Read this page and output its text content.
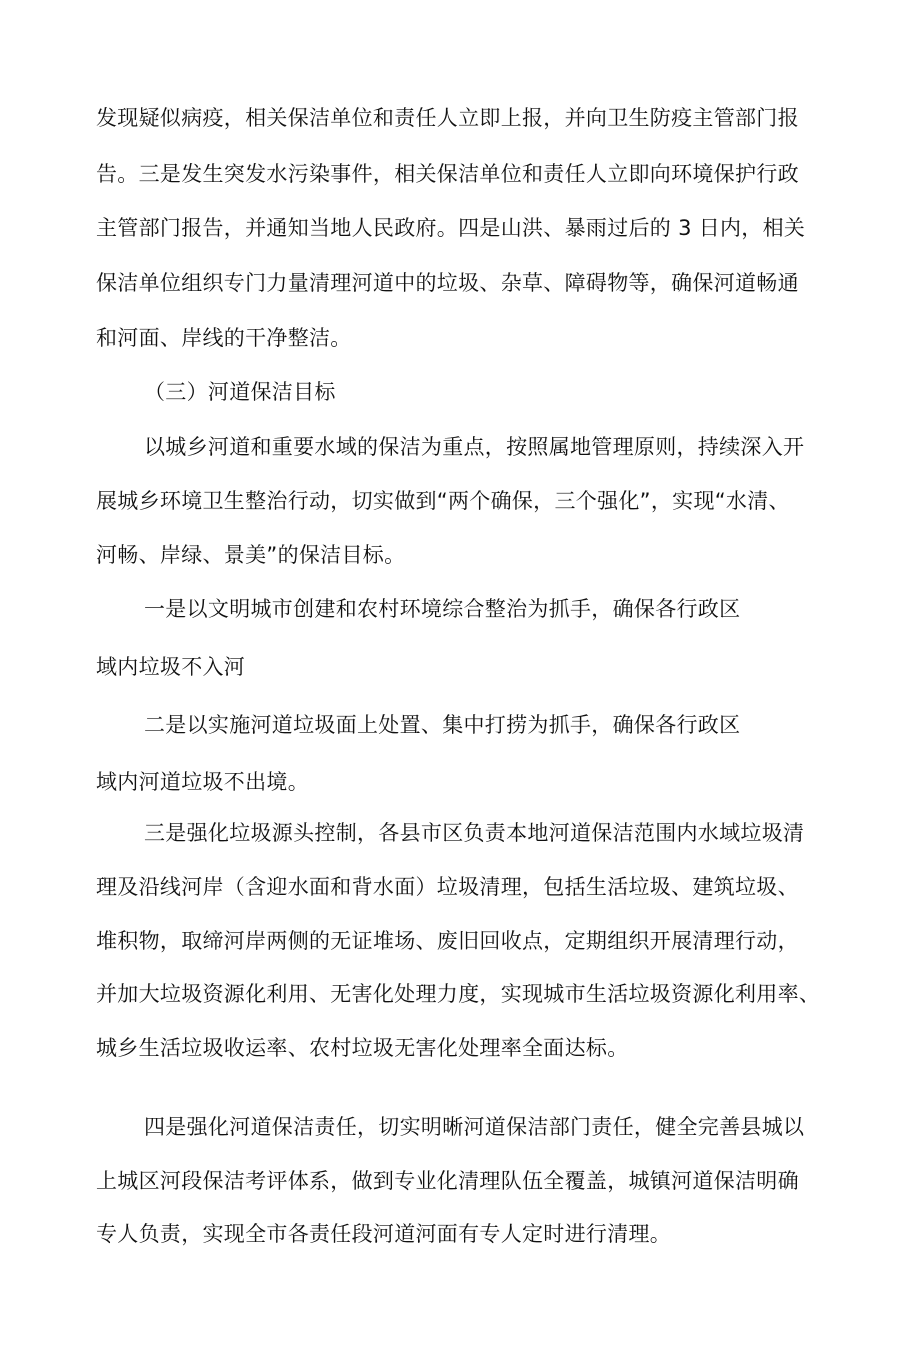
发现疑似病疫，相关保洁单位和责任人立即上报，并向卫生防疫主管部门报
告。三是发生突发水污染事件，相关保洁单位和责任人立即向环境保护行政
主管部门报告，并通知当地人民政府。四是山洪、暴雨过后的 3 日内，相关
保洁单位组织专门力量清理河道中的垃圾、杂草、障碍物等，确保河道畅通
和河面、岸线的干净整洁。
（三）河道保洁目标
以城乡河道和重要水域的保洁为重点，按照属地管理原则，持续深入开
展城乡环境卫生整治行动，切实做到“两个确保，三个强化”，实现“水清、
河畅、岸绿、景美”的保洁目标。
一是以文明城市创建和农村环境综合整治为抓手，确保各行政区
域内垃圾不入河
二是以实施河道垃圾面上处置、集中打捞为抓手，确保各行政区
域内河道垃圾不出境。
三是强化垃圾源头控制，各县市区负责本地河道保洁范围内水域垃圾清
理及沿线河岸（含迎水面和背水面）垃圾清理，包括生活垃圾、建筑垃圾、
堆积物，取缔河岸两侧的无证堆场、废旧回收点，定期组织开展清理行动，
并加大垃圾资源化利用、无害化处理力度，实现城市生活垃圾资源化利用率、
城乡生活垃圾收运率、农村垃圾无害化处理率全面达标。
四是强化河道保洁责任，切实明晰河道保洁部门责任，健全完善县城以
上城区河段保洁考评体系，做到专业化清理队伍全覆盖，城镇河道保洁明确
专人负责，实现全市各责任段河道河面有专人定时进行清理。
